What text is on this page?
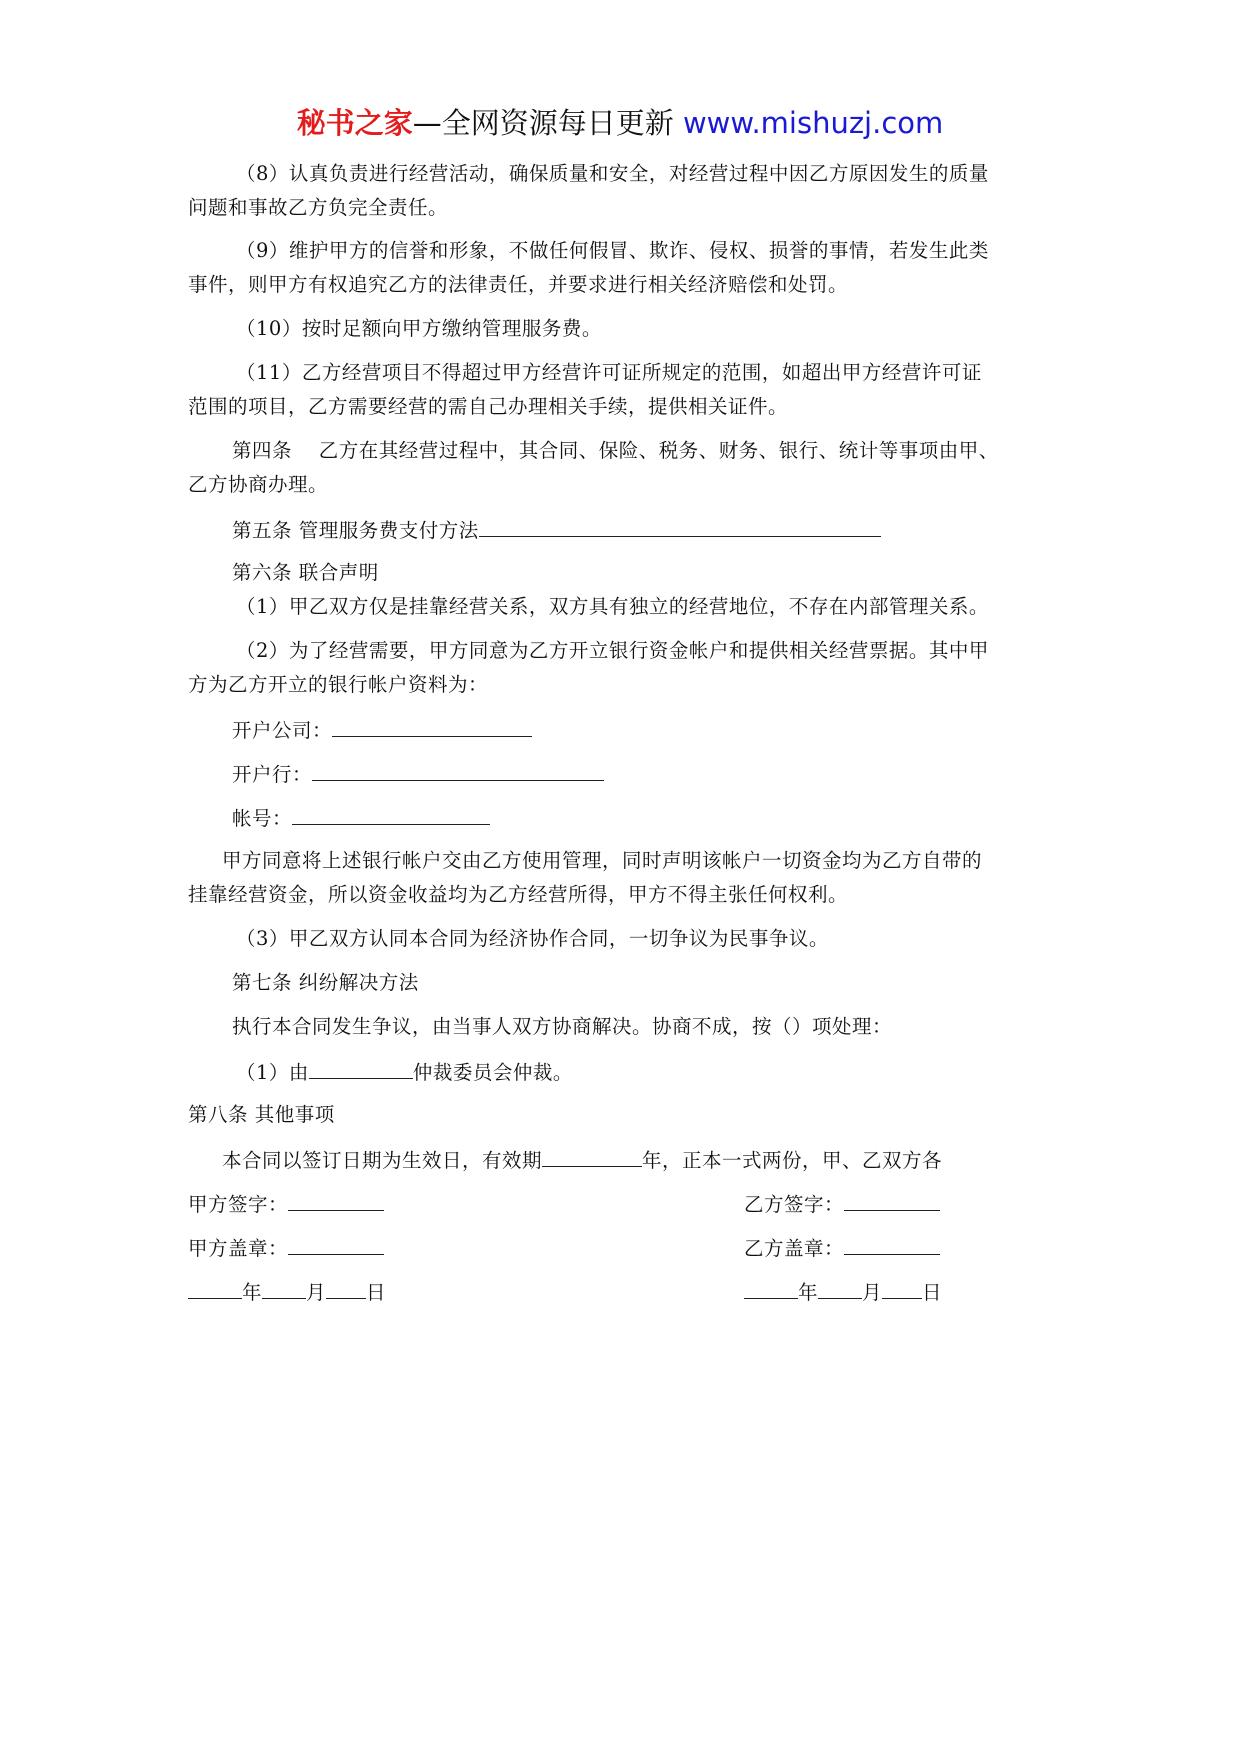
秘书之家—全网资源每日更新 www.mishuzj.com
（8）认真负责进行经营活动，确保质量和安全，对经营过程中因乙方原因发生的质量
问题和事故乙方负完全责任。
（9）维护甲方的信誉和形象，不做任何假冒、欺诈、侵权、损誉的事情，若发生此类
事件，则甲方有权追究乙方的法律责任，并要求进行相关经济赔偿和处罚。
（10）按时足额向甲方缴纳管理服务费。
（11）乙方经营项目不得超过甲方经营许可证所规定的范围，如超出甲方经营许可证
范围的项目，乙方需要经营的需自己办理相关手续，提供相关证件。
第四条　 乙方在其经营过程中，其合同、保险、税务、财务、银行、统计等事项由甲、
乙方协商办理。
第五条 管理服务费支付方法
第六条 联合声明
（1）甲乙双方仅是挂靠经营关系，双方具有独立的经营地位，不存在内部管理关系。
（2）为了经营需要，甲方同意为乙方开立银行资金帐户和提供相关经营票据。其中甲
方为乙方开立的银行帐户资料为：
开户公司：
开户行：
帐号：
甲方同意将上述银行帐户交由乙方使用管理，同时声明该帐户一切资金均为乙方自带的
挂靠经营资金，所以资金收益均为乙方经营所得，甲方不得主张任何权利。
（3）甲乙双方认同本合同为经济协作合同，一切争议为民事争议。
第七条 纠纷解决方法
执行本合同发生争议，由当事人双方协商解决。协商不成，按（）项处理：
（1）由	仲裁委员会仲裁。
第八条 其他事项
本合同以签订日期为生效日，有效期	年，正本一式两份，甲、乙双方各
甲方签字：	乙方签字：
甲方盖章：	乙方盖章：
年 月 日	年 月 日
